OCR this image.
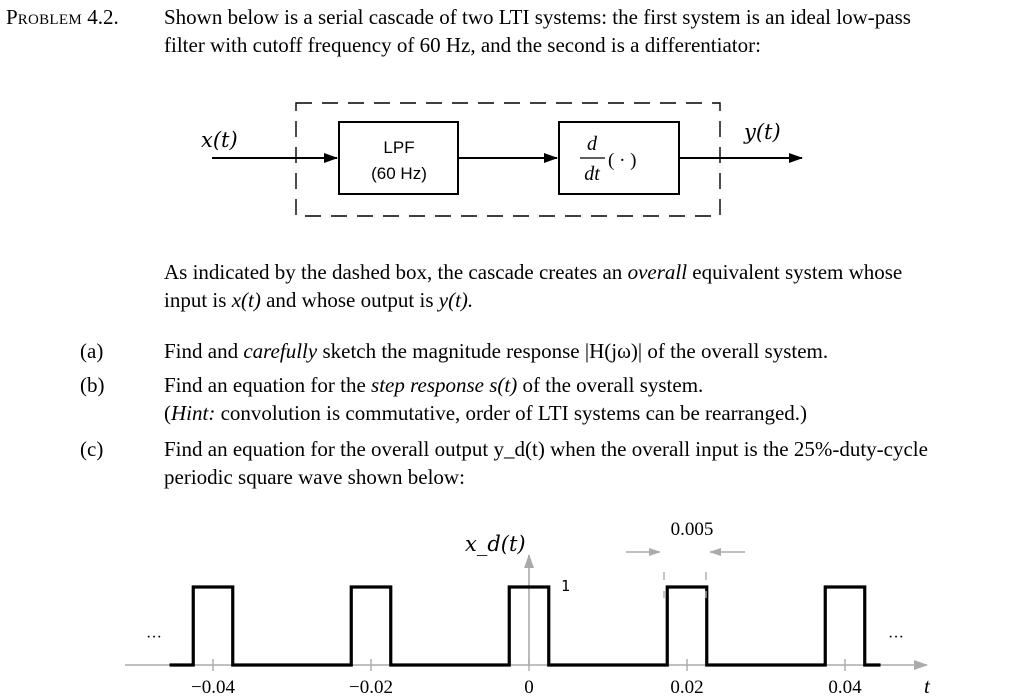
PROBLEM 4.2. Shown below is a serial cascade of two LTI systems: the first system is an ideal low-pass
filter with cutoff frequency of 60 Hz, and the second is a differentiator:
LPF
(60 Hz)
d
dt
( · )
x(t)	y(t)
As indicated by the dashed box, the cascade creates an overall equivalent system whose
input is x(t) and whose output is y(t).
(a)	Find and carefully sketch the magnitude response |H(jω)| of the overall system.
(b)	Find an equation for the step response s(t) of the overall system.
(Hint: convolution is commutative, order of LTI systems can be rearranged.)
(c)	Find an equation for the overall output y_d(t) when the overall input is the 25%-duty-cycle
periodic square wave shown below:
−0.04	−0.02	0	0.02	0.04
0.005
x_d(t)
1
···	···
t
